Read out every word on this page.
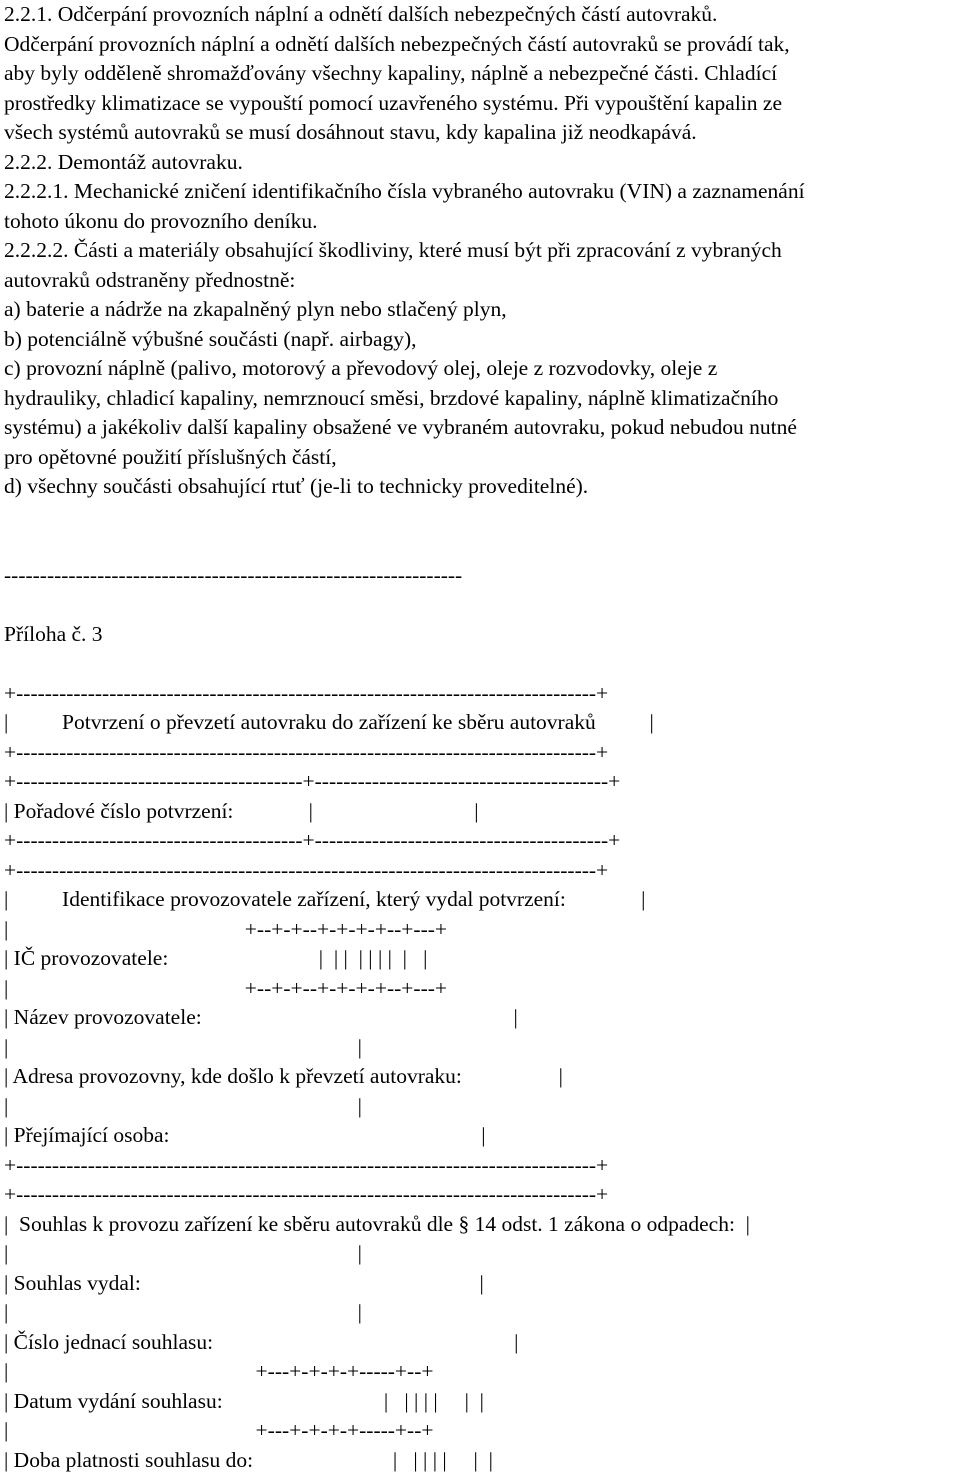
2.2.1. Odčerpání provozních náplní a odnětí dalších nebezpečných částí autovraků.
Odčerpání provozních náplní a odnětí dalších nebezpečných částí autovraků se provádí tak,
aby byly odděleně shromažďovány všechny kapaliny, náplně a nebezpečné části. Chladící
prostředky klimatizace se vypouští pomocí uzavřeného systému. Při vypouštění kapalin ze
všech systémů autovraků se musí dosáhnout stavu, kdy kapalina již neodkapává.
2.2.2. Demontáž autovraku.
2.2.2.1. Mechanické zničení identifikačního čísla vybraného autovraku (VIN) a zaznamenání
tohoto úkonu do provozního deníku.
2.2.2.2. Části a materiály obsahující škodliviny, které musí být při zpracování z vybraných
autovraků odstraněny přednostně:
a) baterie a nádrže na zkapalněný plyn nebo stlačený plyn,
b) potenciálně výbušné součásti (např. airbagy),
c) provozní náplně (palivo, motorový a převodový olej, oleje z rozvodovky, oleje z
hydrauliky, chladicí kapaliny, nemrznoucí směsi, brzdové kapaliny, náplně klimatizačního
systému) a jakékoliv další kapaliny obsažené ve vybraném autovraku, pokud nebudou nutné
pro opětovné použití příslušných částí,
d) všechny součásti obsahující rtuť (je-li to technicky proveditelné).
----------------------------------------------------------------
Příloha č. 3
+---------------------------------------------------------------------------------+
|          Potvrzení o převzetí autovraku do zařízení ke sběru autovraků          |
+---------------------------------------------------------------------------------+
+----------------------------------------+-----------------------------------------+
| Pořadové číslo potvrzení:              |                              |
+----------------------------------------+-----------------------------------------+
+---------------------------------------------------------------------------------+
|          Identifikace provozovatele zařízení, který vydal potvrzení:              |
|                                            +--+-+--+-+-+-+--+---+
| IČ provozovatele:                            |  | |  | | | |  |   |
|                                            +--+-+--+-+-+-+--+---+
| Název provozovatele:                                                          |
|                                                                 |
| Adresa provozovny, kde došlo k převzetí autovraku:                  |
|                                                                 |
| Přejímající osoba:                                                          |
+---------------------------------------------------------------------------------+
+---------------------------------------------------------------------------------+
|  Souhlas k provozu zařízení ke sběru autovraků dle § 14 odst. 1 zákona o odpadech:  |
|                                                                 |
| Souhlas vydal:                                                               |
|                                                                 |
| Číslo jednací souhlasu:                                                        |
|                                              +---+-+-+-+-----+--+
| Datum vydání souhlasu:                              |   | | | |     |  |
|                                              +---+-+-+-+-----+--+
| Doba platnosti souhlasu do:                          |   | | | |     |  |
